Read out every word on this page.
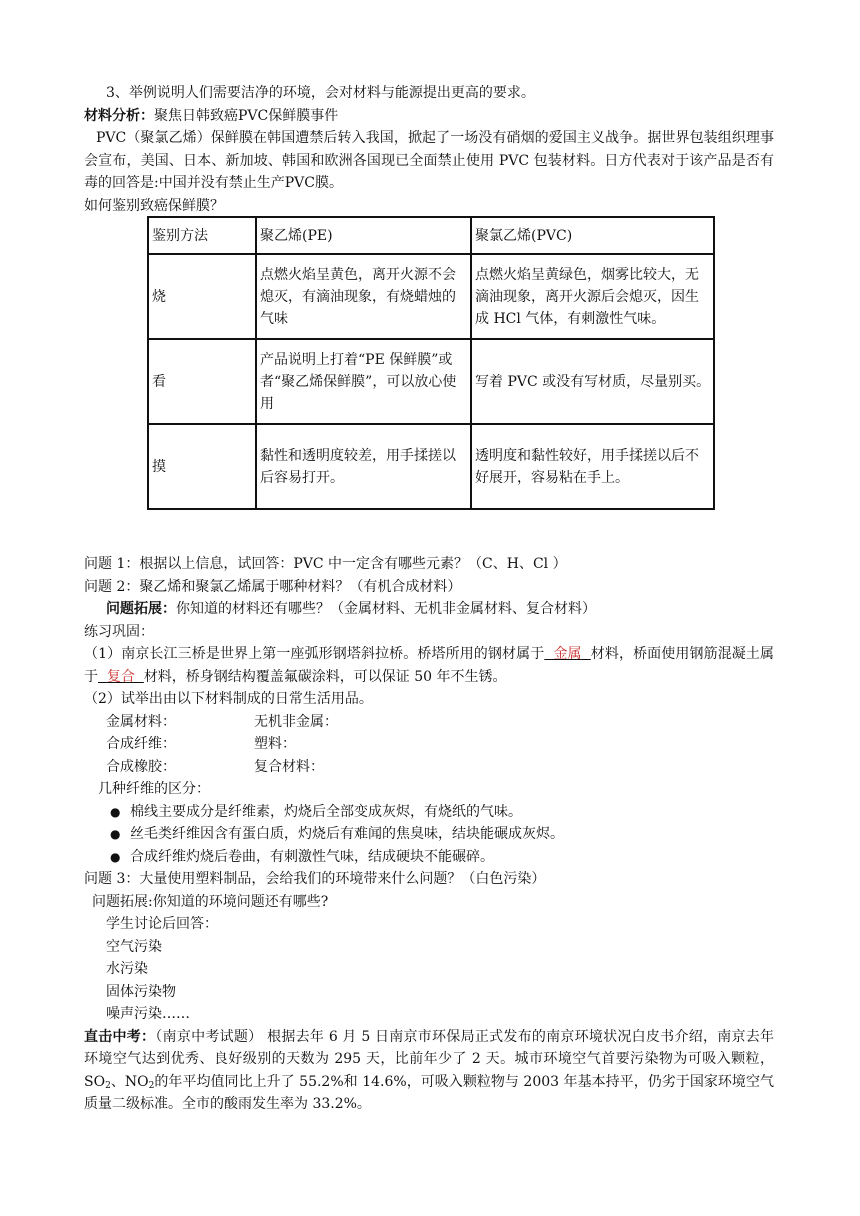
3、举例说明人们需要洁净的环境，会对材料与能源提出更高的要求。
材料分析：聚焦日韩致癌PVC保鲜膜事件
PVC（聚氯乙烯）保鲜膜在韩国遭禁后转入我国，掀起了一场没有硝烟的爱国主义战争。据世界包装组织理事会宣布，美国、日本、新加坡、韩国和欧洲各国现已全面禁止使用 PVC 包装材料。日方代表对于该产品是否有毒的回答是:中国并没有禁止生产PVC膜。
如何鉴别致癌保鲜膜？
鉴别方法	聚乙烯(PE)	聚氯乙烯(PVC)
烧	点燃火焰呈黄色，离开火源不会熄灭，有滴油现象，有烧蜡烛的气味	点燃火焰呈黄绿色，烟雾比较大，无滴油现象，离开火源后会熄灭，因生成 HCl 气体，有刺激性气味。
看	产品说明上打着“PE 保鲜膜”或者“聚乙烯保鲜膜”，可以放心使用	写着 PVC 或没有写材质，尽量别买。
摸	黏性和透明度较差，用手揉搓以后容易打开。	透明度和黏性较好，用手揉搓以后不好展开，容易粘在手上。
问题 1：根据以上信息，试回答：PVC 中一定含有哪些元素？（C、H、Cl ）
问题 2：聚乙烯和聚氯乙烯属于哪种材料？（有机合成材料）
问题拓展：你知道的材料还有哪些？（金属材料、无机非金属材料、复合材料）
练习巩固：
（1）南京长江三桥是世界上第一座弧形钢塔斜拉桥。桥塔所用的钢材属于 金属 材料，桥面使用钢筋混凝土属于 复合 材料，桥身钢结构覆盖氟碳涂料，可以保证 50 年不生锈。
（2）试举出由以下材料制成的日常生活用品。
金属材料：	无机非金属：
合成纤维：	塑料：
合成橡胶：	复合材料：
几种纤维的区分：
● 棉线主要成分是纤维素，灼烧后全部变成灰烬，有烧纸的气味。
● 丝毛类纤维因含有蛋白质，灼烧后有难闻的焦臭味，结块能碾成灰烬。
● 合成纤维灼烧后卷曲，有刺激性气味，结成硬块不能碾碎。
问题 3：大量使用塑料制品，会给我们的环境带来什么问题？（白色污染）
问题拓展:你知道的环境问题还有哪些?
学生讨论后回答：
空气污染
水污染
固体污染物
噪声污染……
直击中考：（南京中考试题） 根据去年 6 月 5 日南京市环保局正式发布的南京环境状况白皮书介绍，南京去年环境空气达到优秀、良好级别的天数为 295 天，比前年少了 2 天。城市环境空气首要污染物为可吸入颗粒，$SO_2$、$NO_2$的年平均值同比上升了 55.2%和 14.6%，可吸入颗粒物与 2003 年基本持平，仍劣于国家环境空气质量二级标准。全市的酸雨发生率为 33.2%。
